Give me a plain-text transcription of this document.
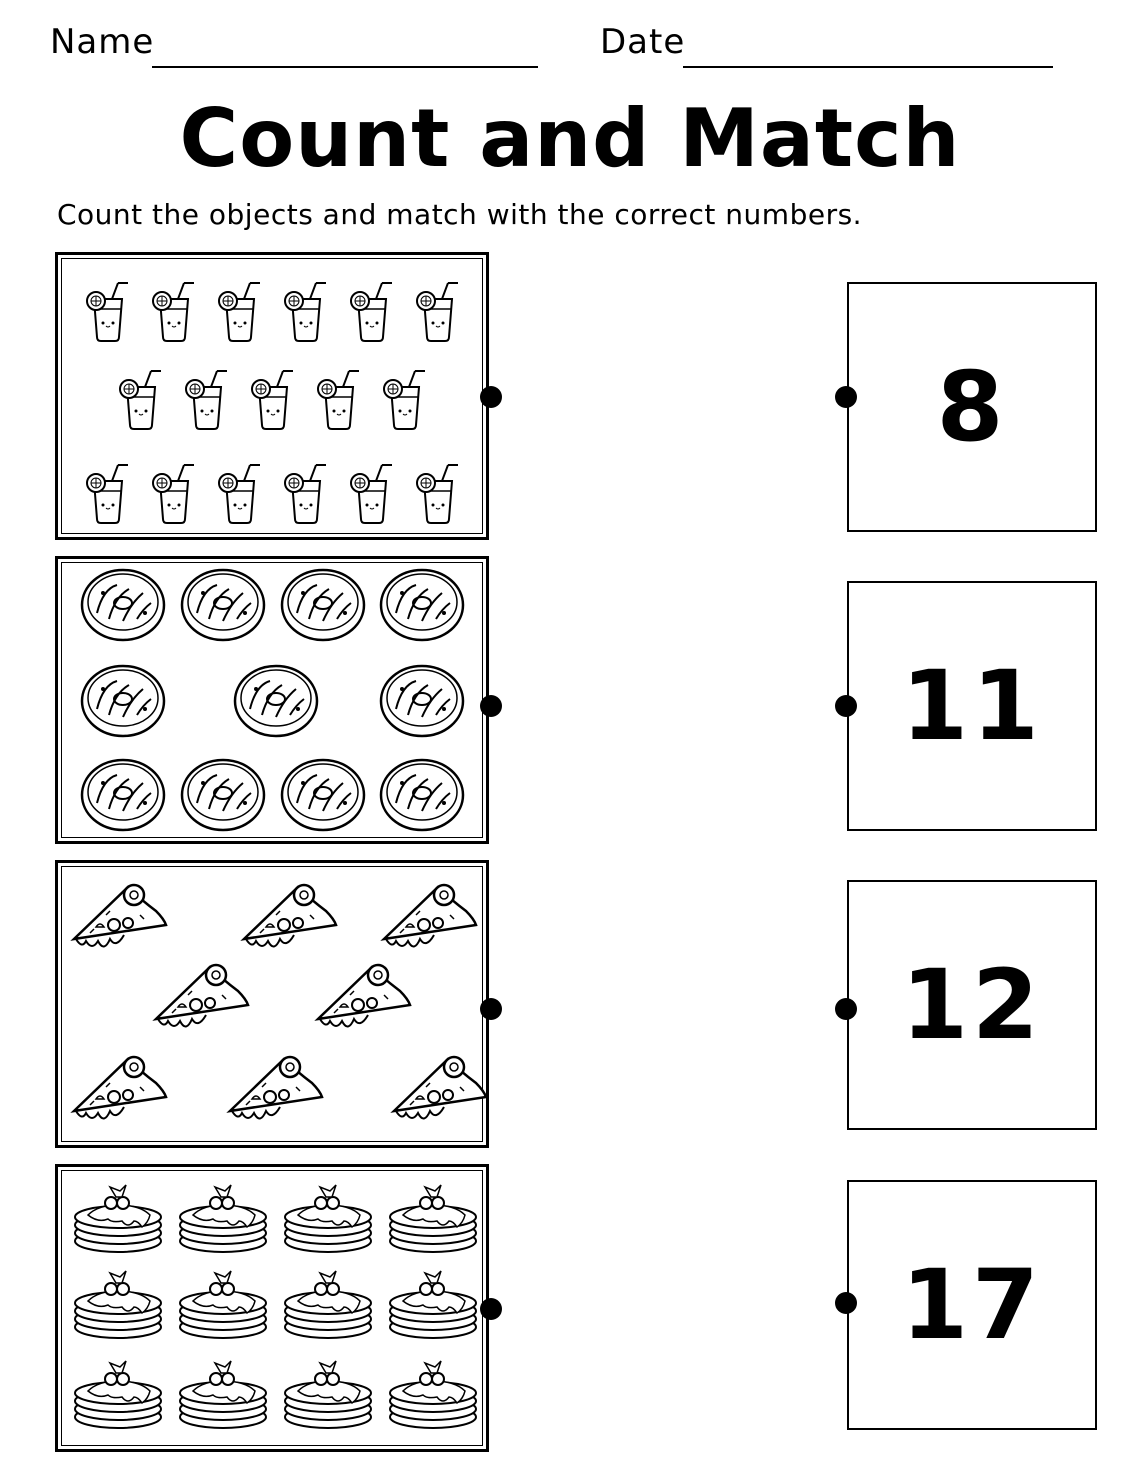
Name	Date
Count and Match
Count the objects and match with the correct numbers.
8
11
12
17
